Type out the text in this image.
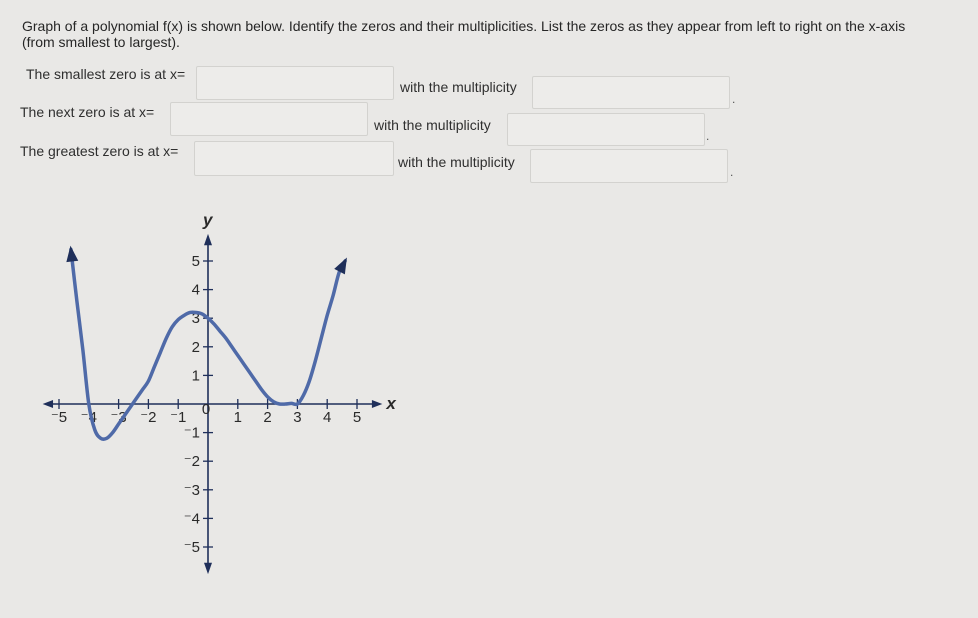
Graph of a polynomial f(x) is shown below. Identify the zeros and their multiplicities. List the zeros as they appear from left to right on the x-axis
(from smallest to largest).
The smallest zero is at x=
with the multiplicity
.
The next zero is at x=
with the multiplicity
.
The greatest zero is at x=
with the multiplicity
.
x
y
⁻5 ⁻4 ⁻3 ⁻2 ⁻1 0 1 2 3 4 5
5
4
3
2
1
⁻1
⁻2
⁻3
⁻4
⁻5
